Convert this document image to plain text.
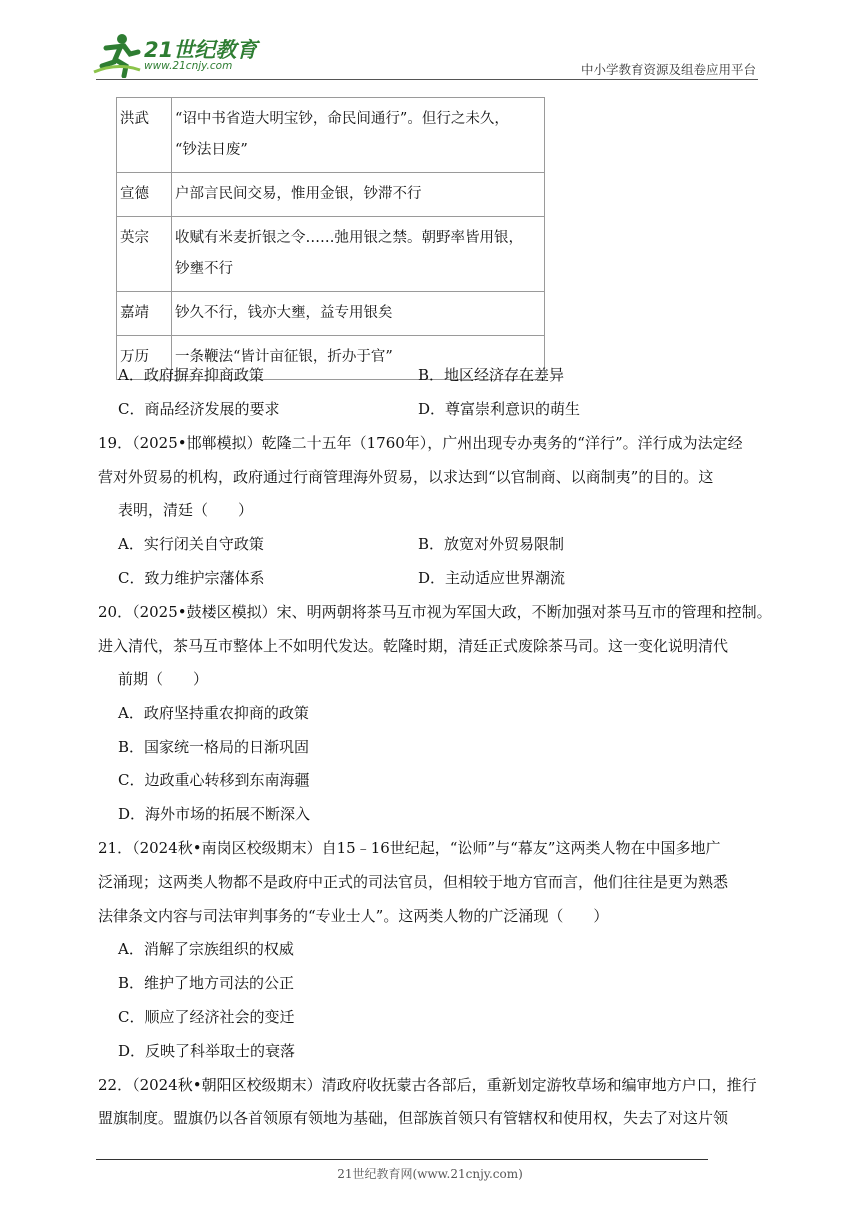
21世纪教育
www.21cnjy.com	中小学教育资源及组卷应用平台
洪武	“诏中书省造大明宝钞，命民间通行”。但行之未久，
“钞法日废”

宣德	户部言民间交易，惟用金银，钞滞不行
英宗	收赋有米麦折银之令……弛用银之禁。朝野率皆用银，
钞壅不行

嘉靖	钞久不行，钱亦大壅，益专用银矣
万历	一条鞭法“皆计亩征银，折办于官”
A．政府摒弃抑商政策	B．地区经济存在差异
C．商品经济发展的要求	D．尊富崇利意识的萌生
19．（2025•邯郸模拟）乾隆二十五年（1760年），广州出现专办夷务的“洋行”。洋行成为法定经
营对外贸易的机构，政府通过行商管理海外贸易，以求达到“以官制商、以商制夷”的目的。这
表明，清廷（　　）
A．实行闭关自守政策	B．放宽对外贸易限制
C．致力维护宗藩体系	D．主动适应世界潮流
20．（2025•鼓楼区模拟）宋、明两朝将茶马互市视为军国大政，不断加强对茶马互市的管理和控制。
进入清代，茶马互市整体上不如明代发达。乾隆时期，清廷正式废除茶马司。这一变化说明清代
前期（　　）
A．政府坚持重农抑商的政策
B．国家统一格局的日渐巩固
C．边政重心转移到东南海疆
D．海外市场的拓展不断深入
21．（2024秋•南岗区校级期末）自15﹣16世纪起，“讼师”与“幕友”这两类人物在中国多地广
泛涌现；这两类人物都不是政府中正式的司法官员，但相较于地方官而言，他们往往是更为熟悉
法律条文内容与司法审判事务的“专业士人”。这两类人物的广泛涌现（　　）
A．消解了宗族组织的权威
B．维护了地方司法的公正
C．顺应了经济社会的变迁
D．反映了科举取士的衰落
22．（2024秋•朝阳区校级期末）清政府收抚蒙古各部后，重新划定游牧草场和编审地方户口，推行
盟旗制度。盟旗仍以各首领原有领地为基础，但部族首领只有管辖权和使用权，失去了对这片领
21世纪教育网(www.21cnjy.com)
